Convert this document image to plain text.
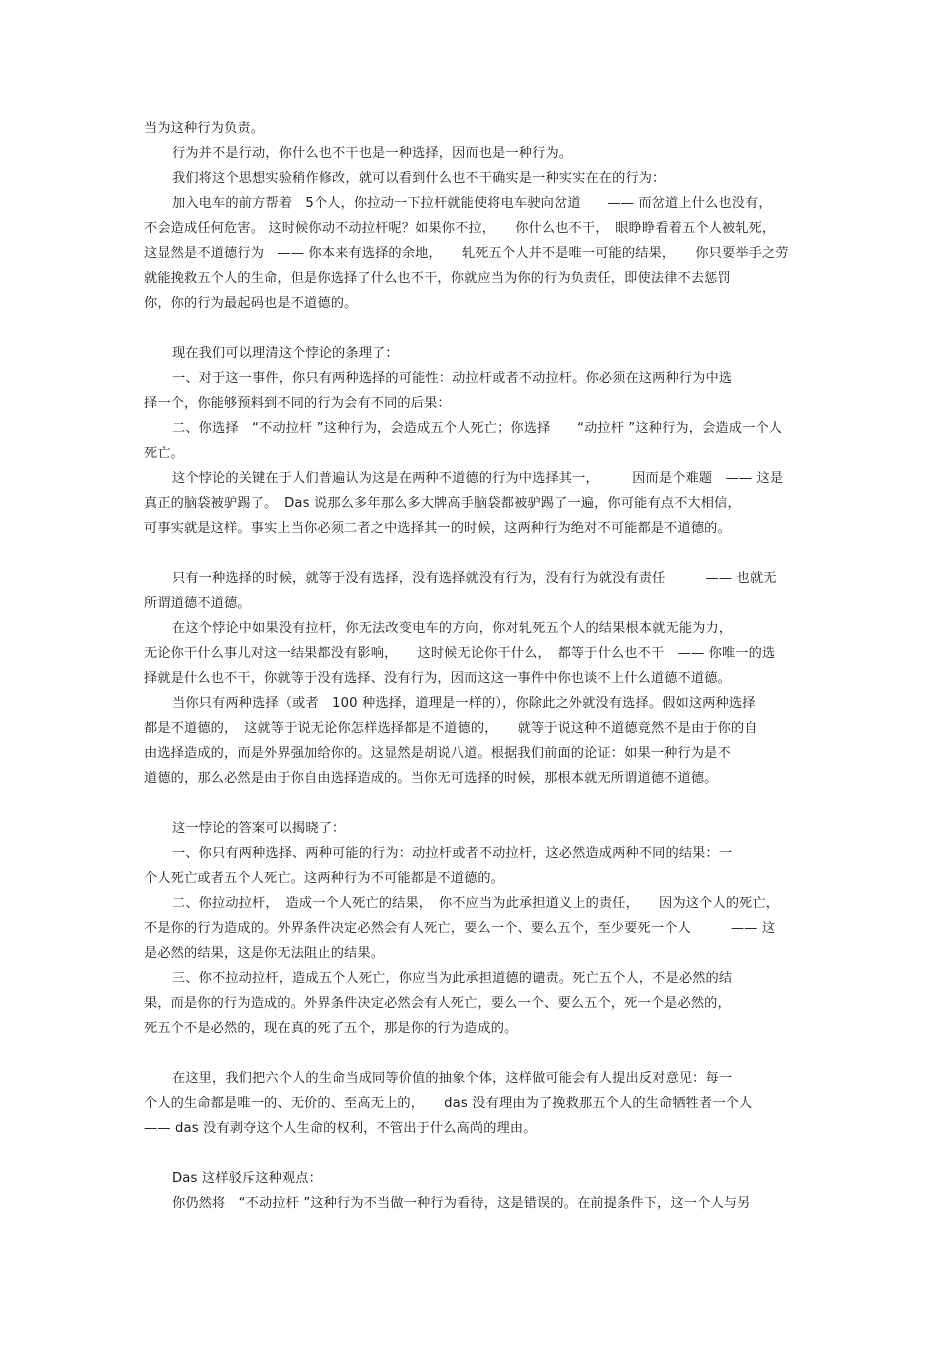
当为这种行为负责。
行为并不是行动，你什么也不干也是一种选择，因而也是一种行为。
我们将这个思想实验稍作修改，就可以看到什么也不干确实是一种实实在在的行为：
加入电车的前方帮着　5个人，你拉动一下拉杆就能使将电车驶向岔道　　—— 而岔道上什么也没有，
不会造成任何危害。 这时候你动不动拉杆呢？如果你不拉，　　你什么也不干，　眼睁睁看着五个人被轧死，
这显然是不道德行为　—— 你本来有选择的余地，　　轧死五个人并不是唯一可能的结果，　　你只要举手之劳
就能挽救五个人的生命，但是你选择了什么也不干，你就应当为你的行为负责任，即使法律不去惩罚
你，你的行为最起码也是不道德的。
现在我们可以理清这个悖论的条理了：
一、对于这一事件，你只有两种选择的可能性：动拉杆或者不动拉杆。你必须在这两种行为中选
择一个，你能够预料到不同的行为会有不同的后果：
二、你选择　“不动拉杆 ”这种行为，会造成五个人死亡；你选择　　“动拉杆 ”这种行为，会造成一个人
死亡。
这个悖论的关键在于人们普遍认为这是在两种不道德的行为中选择其一，　　　因而是个难题　—— 这是
真正的脑袋被驴踢了。　Das 说那么多年那么多大牌高手脑袋都被驴踢了一遍，你可能有点不大相信，
可事实就是这样。事实上当你必须二者之中选择其一的时候，这两种行为绝对不可能都是不道德的。
只有一种选择的时候，就等于没有选择，没有选择就没有行为，没有行为就没有责任　　　—— 也就无
所谓道德不道德。
在这个悖论中如果没有拉杆，你无法改变电车的方向，你对轧死五个人的结果根本就无能为力，
无论你干什么事儿对这一结果都没有影响，　　这时候无论你干什么，　都等于什么也不干　—— 你唯一的选
择就是什么也不干，你就等于没有选择、没有行为，因而这这一事件中你也谈不上什么道德不道德。
当你只有两种选择（或者　100 种选择，道理是一样的），你除此之外就没有选择。假如这两种选择
都是不道德的，　这就等于说无论你怎样选择都是不道德的，　　就等于说这种不道德竟然不是由于你的自
由选择造成的，而是外界强加给你的。这显然是胡说八道。根据我们前面的论证：如果一种行为是不
道德的，那么必然是由于你自由选择造成的。当你无可选择的时候，那根本就无所谓道德不道德。
这一悖论的答案可以揭晓了：
一、你只有两种选择、两种可能的行为：动拉杆或者不动拉杆，这必然造成两种不同的结果：一
个人死亡或者五个人死亡。这两种行为不可能都是不道德的。
二、你拉动拉杆，　造成一个人死亡的结果，　你不应当为此承担道义上的责任，　　因为这个人的死亡，
不是你的行为造成的。外界条件决定必然会有人死亡，要么一个、要么五个，至少要死一个人　　　—— 这
是必然的结果，这是你无法阻止的结果。
三、你不拉动拉杆，造成五个人死亡，你应当为此承担道德的谴责。死亡五个人，不是必然的结
果，而是你的行为造成的。外界条件决定必然会有人死亡，要么一个、要么五个，死一个是必然的，
死五个不是必然的，现在真的死了五个，那是你的行为造成的。
在这里，我们把六个人的生命当成同等价值的抽象个体，这样做可能会有人提出反对意见：每一
个人的生命都是唯一的、无价的、至高无上的，　　das 没有理由为了挽救那五个人的生命牺牲者一个人
—— das 没有剥夺这个人生命的权利，不管出于什么高尚的理由。
Das 这样驳斥这种观点：
你仍然将　“不动拉杆 ”这种行为不当做一种行为看待，这是错误的。在前提条件下，这一个人与另
